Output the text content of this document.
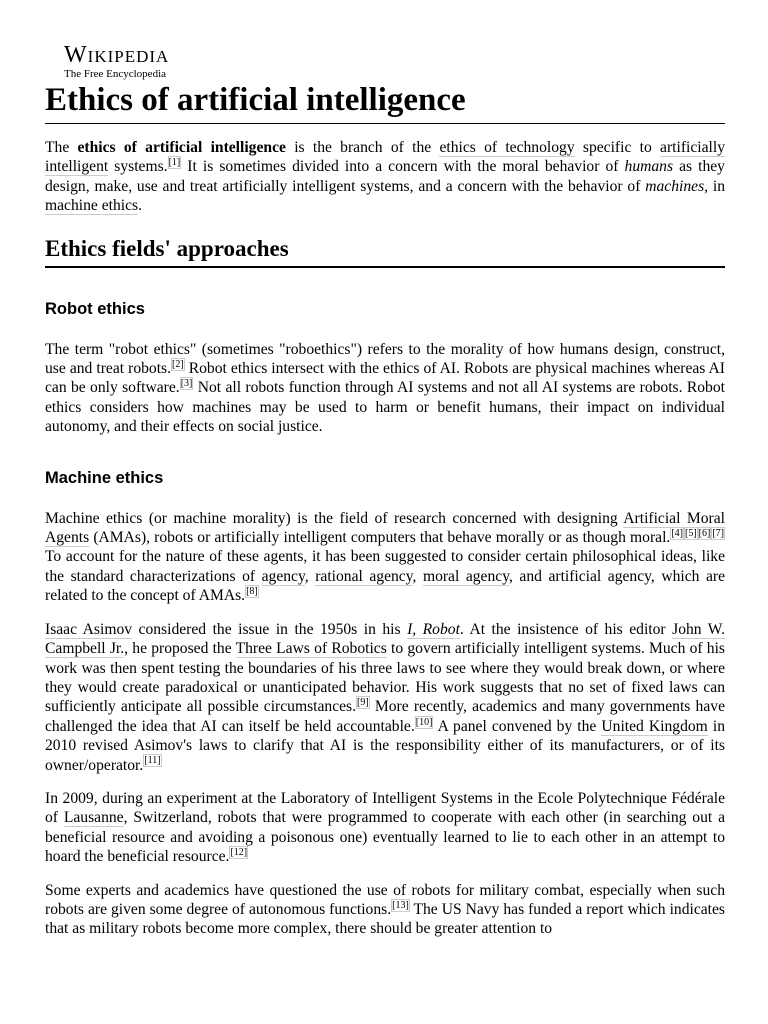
Wikipedia
The Free Encyclopedia
Ethics of artificial intelligence

The ethics of artificial intelligence is the branch of the ethics of technology specific to artificially intelligent systems.[1] It is sometimes divided into a concern with the moral behavior of humans as they design, make, use and treat artificially intelligent systems, and a concern with the behavior of machines, in machine ethics.

Ethics fields' approaches
Robot ethics

The term "robot ethics" (sometimes "roboethics") refers to the morality of how humans design, construct, use and treat robots.[2] Robot ethics intersect with the ethics of AI. Robots are physical machines whereas AI can be only software.[3] Not all robots function through AI systems and not all AI systems are robots. Robot ethics considers how machines may be used to harm or benefit humans, their impact on individual autonomy, and their effects on social justice.

Machine ethics

Machine ethics (or machine morality) is the field of research concerned with designing Artificial Moral Agents (AMAs), robots or artificially intelligent computers that behave morally or as though moral.[4] [5] [6] [7] To account for the nature of these agents, it has been suggested to consider certain philosophical ideas, like the standard characterizations of agency, rational agency, moral agency, and artificial agency, which are related to the concept of AMAs.[8]

Isaac Asimov considered the issue in the 1950s in his I, Robot. At the insistence of his editor John W. Campbell Jr., he proposed the Three Laws of Robotics to govern artificially intelligent systems. Much of his work was then spent testing the boundaries of his three laws to see where they would break down, or where they would create paradoxical or unanticipated behavior. His work suggests that no set of fixed laws can sufficiently anticipate all possible circumstances.[9] More recently, academics and many governments have challenged the idea that AI can itself be held accountable.[10] A panel convened by the United Kingdom in 2010 revised Asimov's laws to clarify that AI is the responsibility either of its manufacturers, or of its owner/operator.[11]

In 2009, during an experiment at the Laboratory of Intelligent Systems in the Ecole Polytechnique Fédérale of Lausanne, Switzerland, robots that were programmed to cooperate with each other (in searching out a beneficial resource and avoiding a poisonous one) eventually learned to lie to each other in an attempt to hoard the beneficial resource.[12]

Some experts and academics have questioned the use of robots for military combat, especially when such robots are given some degree of autonomous functions.[13] The US Navy has funded a report which indicates that as military robots become more complex, there should be greater attention to
